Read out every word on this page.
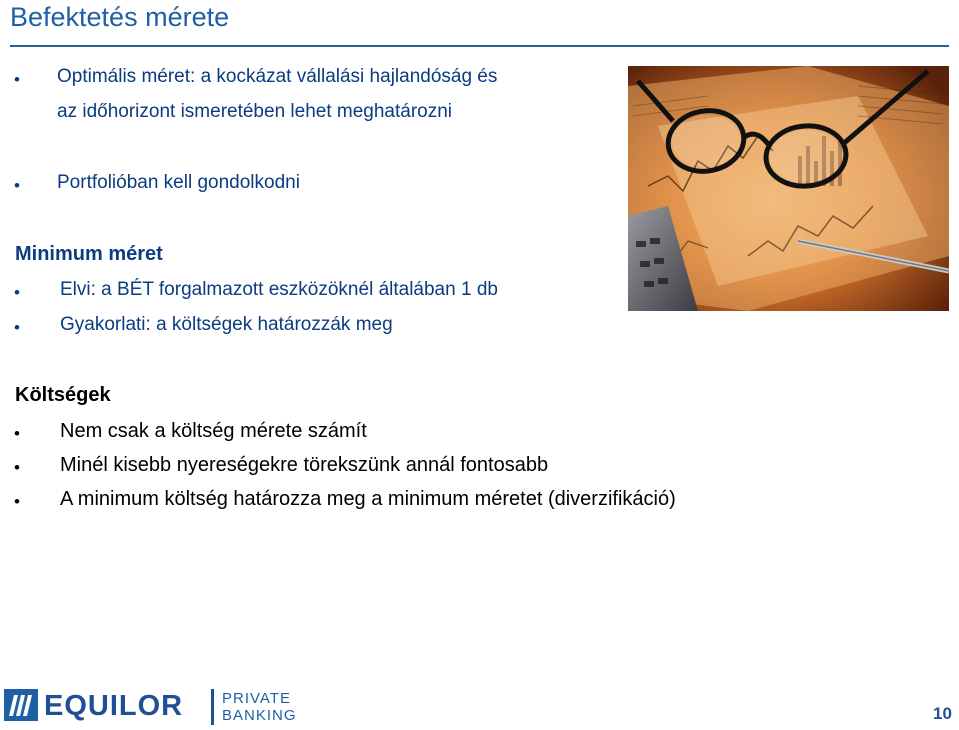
Befektetés mérete
• Optimális méret: a kockázat vállalási hajlandóság és
az időhorizont ismeretében lehet meghatározni
• Portfolióban kell gondolkodni
Minimum méret
• Elvi: a BÉT forgalmazott eszközöknél általában 1 db
• Gyakorlati: a költségek határozzák meg
Költségek
• Nem csak a költség mérete számít
• Minél kisebb nyereségekre törekszünk annál fontosabb
• A minimum költség határozza meg a minimum méretet (diverzifikáció)
EQUILOR	PRIVATE
BANKING	10
